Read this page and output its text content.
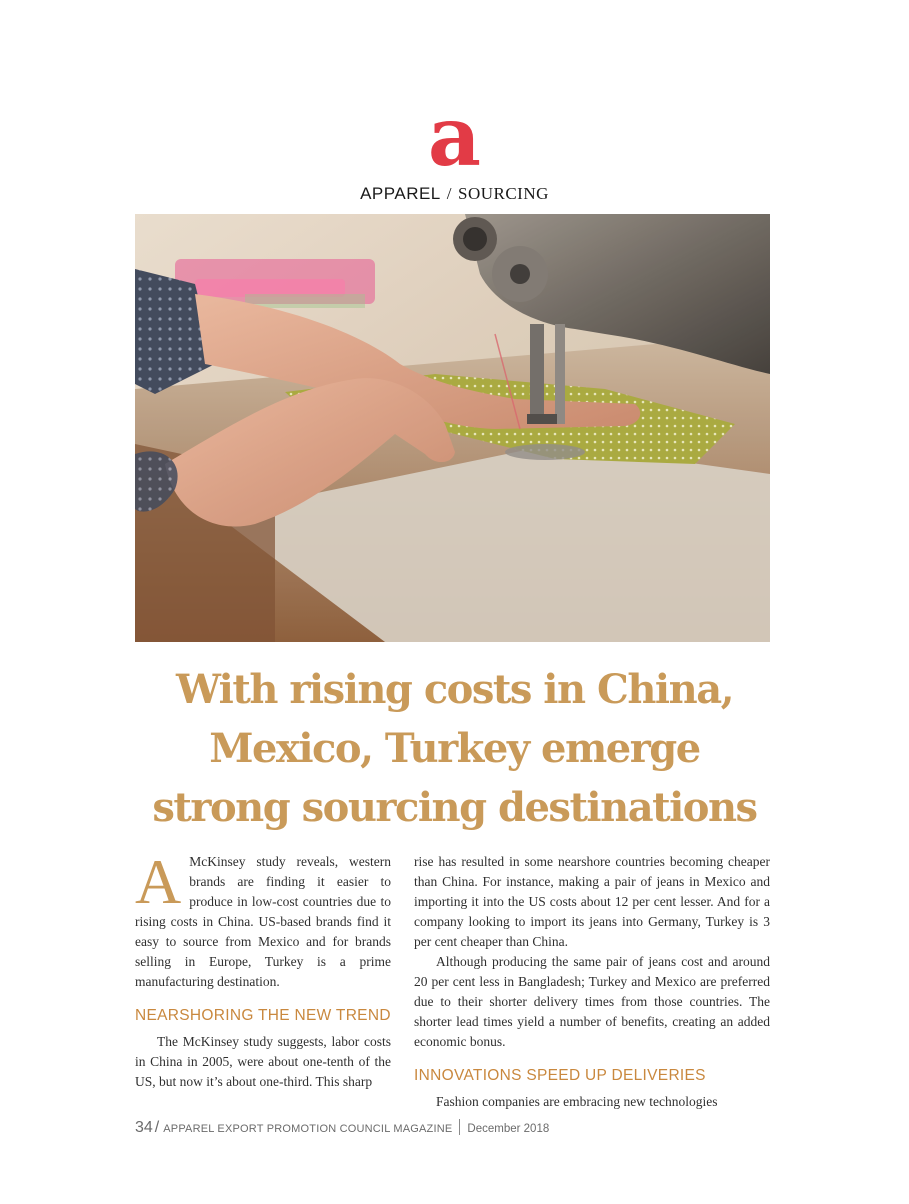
a
APPAREL / SOURCING
With rising costs in China,
Mexico, Turkey emerge
strong sourcing destinations

A McKinsey study reveals, western brands are finding it easier to produce in low-cost countries due to rising costs in China. US-based brands find it easy to source from Mexico and for brands selling in Europe, Turkey is a prime manufacturing destination.

NEARSHORING THE NEW TREND

The McKinsey study suggests, labor costs in China in 2005, were about one-tenth of the US, but now it’s about one-third. This sharp

rise has resulted in some nearshore countries becoming cheaper than China. For instance, making a pair of jeans in Mexico and importing it into the US costs about 12 per cent lesser. And for a company looking to import its jeans into Germany, Turkey is 3 per cent cheaper than China.

Although producing the same pair of jeans cost and around 20 per cent less in Bangladesh; Turkey and Mexico are preferred due to their shorter delivery times from those countries. The shorter lead times yield a number of benefits, creating an added economic bonus.

INNOVATIONS SPEED UP DELIVERIES

Fashion companies are embracing new technologies

34 / APPAREL EXPORT PROMOTION COUNCIL MAGAZINE December 2018
